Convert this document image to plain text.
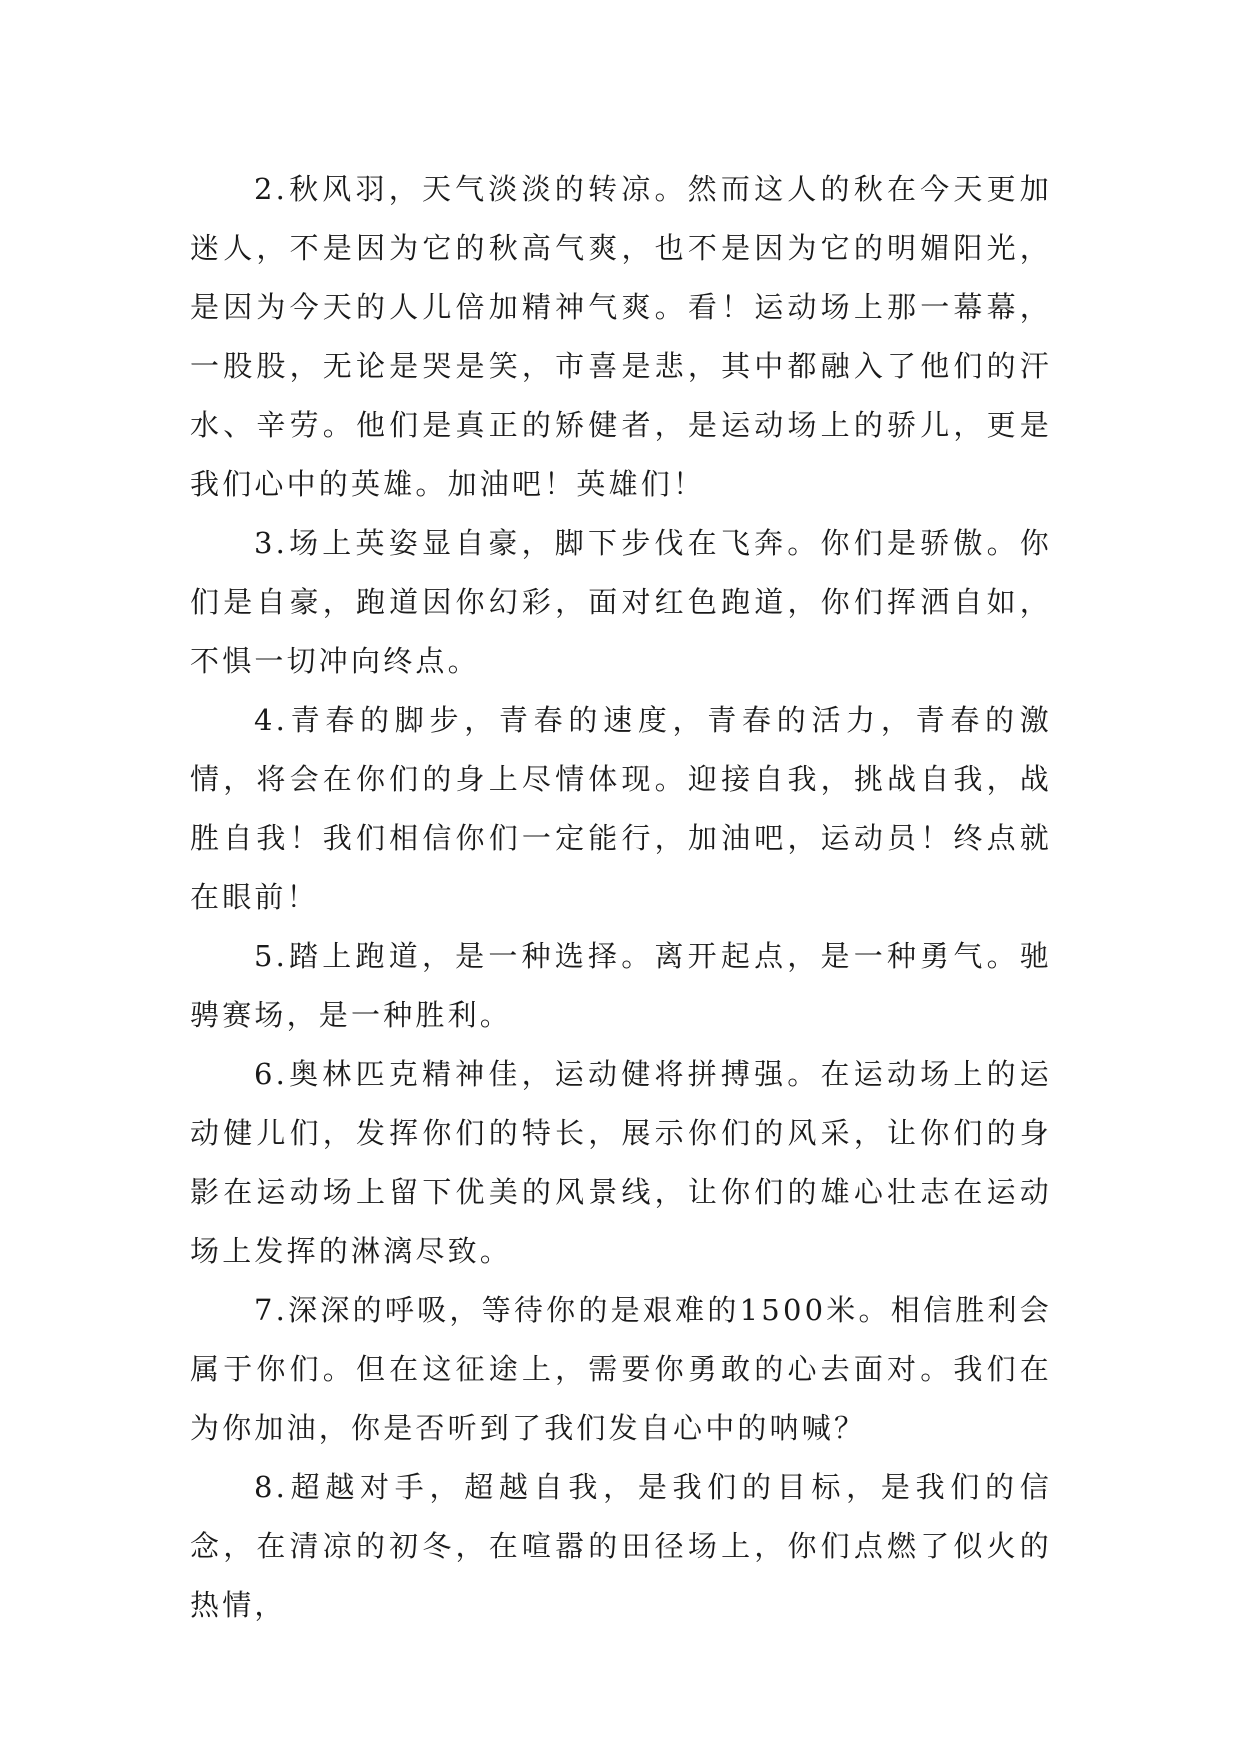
2.秋风羽，天气淡淡的转凉。然而这人的秋在今天更加迷人，不是因为它的秋高气爽，也不是因为它的明媚阳光，是因为今天的人儿倍加精神气爽。看！运动场上那一幕幕，一股股，无论是哭是笑，市喜是悲，其中都融入了他们的汗水、辛劳。他们是真正的矫健者，是运动场上的骄儿，更是我们心中的英雄。加油吧！英雄们！

3.场上英姿显自豪，脚下步伐在飞奔。你们是骄傲。你们是自豪，跑道因你幻彩，面对红色跑道，你们挥洒自如，不惧一切冲向终点。

4.青春的脚步，青春的速度，青春的活力，青春的激情，将会在你们的身上尽情体现。迎接自我，挑战自我，战胜自我！我们相信你们一定能行，加油吧，运动员！终点就在眼前！

5.踏上跑道，是一种选择。离开起点，是一种勇气。驰骋赛场，是一种胜利。

6.奥林匹克精神佳，运动健将拼搏强。在运动场上的运动健儿们，发挥你们的特长，展示你们的风采，让你们的身影在运动场上留下优美的风景线，让你们的雄心壮志在运动场上发挥的淋漓尽致。

7.深深的呼吸，等待你的是艰难的1500米。相信胜利会属于你们。但在这征途上，需要你勇敢的心去面对。我们在为你加油，你是否听到了我们发自心中的呐喊？

8.超越对手，超越自我，是我们的目标，是我们的信念，在清凉的初冬，在喧嚣的田径场上，你们点燃了似火的热情，
